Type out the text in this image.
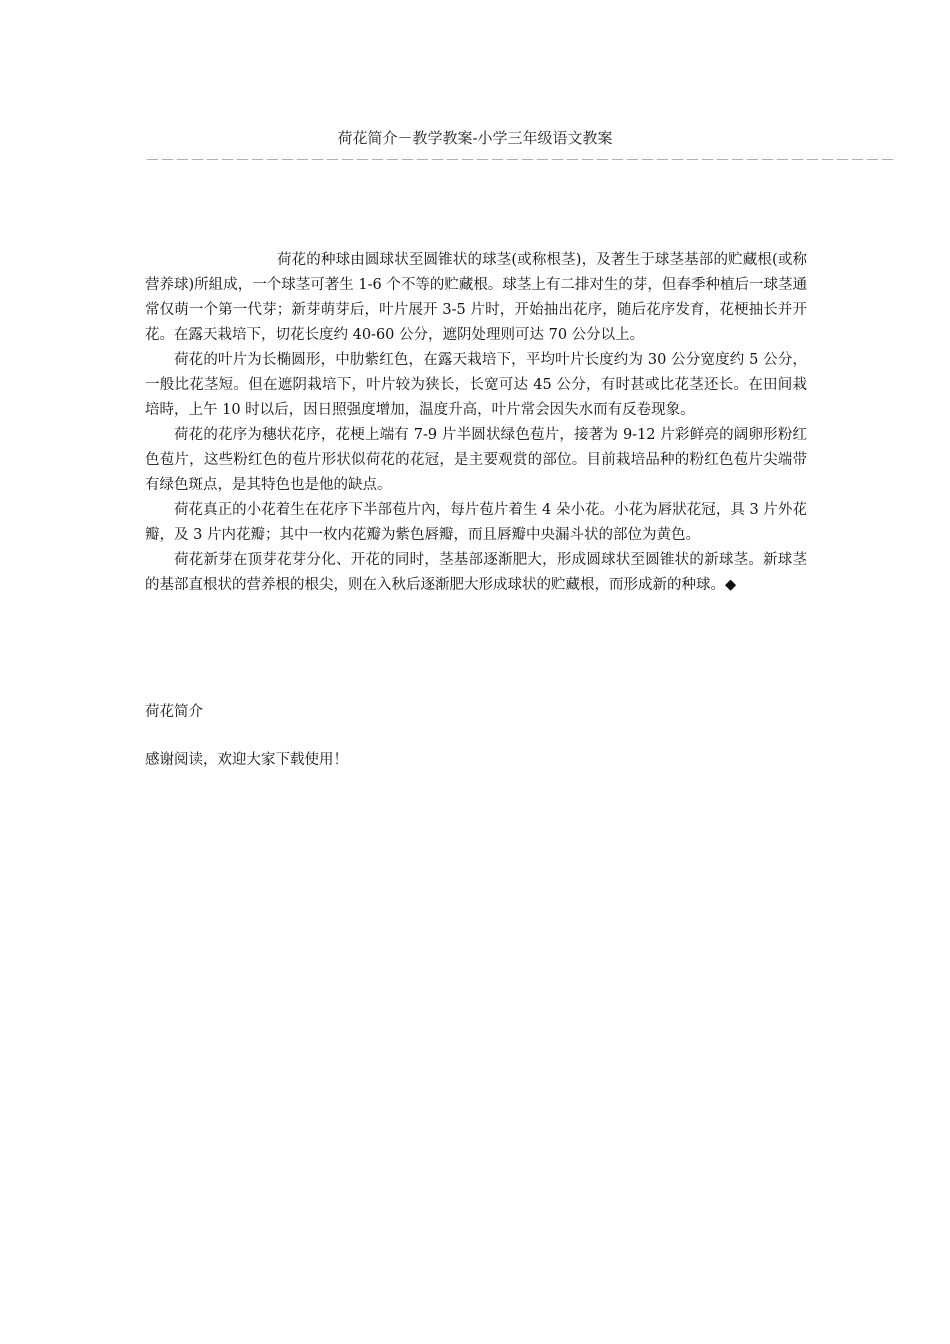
荷花简介－教学教案-小学三年级语文教案
－－－－－－－－－－－－－－－－－－－－－－－－－－－－－－－－－－－－－－－－－－－－－－－－－－

荷花的种球由圆球状至圆锥状的球茎(或称根茎)，及著生于球茎基部的贮藏根(或称营养球)所組成，一个球茎可著生 1-6 个不等的贮藏根。球茎上有二排对生的芽，但春季种植后一球茎通常仅萌一个第一代芽；新芽萌芽后，叶片展开 3-5 片时，开始抽出花序，随后花序发育，花梗抽长并开花。在露天栽培下，切花长度约 40-60 公分，遮阴处理则可达 70 公分以上。

荷花的叶片为长椭圆形，中肋紫红色，在露天栽培下，平均叶片长度约为 30 公分宽度约 5 公分，一般比花茎短。但在遮阴栽培下，叶片较为狭长，长宽可达 45 公分，有时甚或比花茎还长。在田间栽培時，上午 10 时以后，因日照强度增加，温度升高，叶片常会因失水而有反卷现象。

荷花的花序为穗状花序，花梗上端有 7-9 片半圆状绿色苞片，接著为 9-12 片彩鲜亮的阔卵形粉红色苞片，这些粉红色的苞片形状似荷花的花冠，是主要观赏的部位。目前栽培品种的粉红色苞片尖端带有绿色斑点，是其特色也是他的缺点。

荷花真正的小花着生在花序下半部苞片內，每片苞片着生 4 朵小花。小花为唇狀花冠，具 3 片外花瓣，及 3 片内花瓣；其中一枚内花瓣为紫色唇瓣，而且唇瓣中央漏斗状的部位为黄色。

荷花新芽在顶芽花芽分化、开花的同时，茎基部逐渐肥大，形成圆球状至圆锥状的新球茎。新球茎的基部直根状的营养根的根尖，则在入秋后逐渐肥大形成球状的贮藏根，而形成新的种球。◆

荷花简介
感谢阅读，欢迎大家下载使用！
